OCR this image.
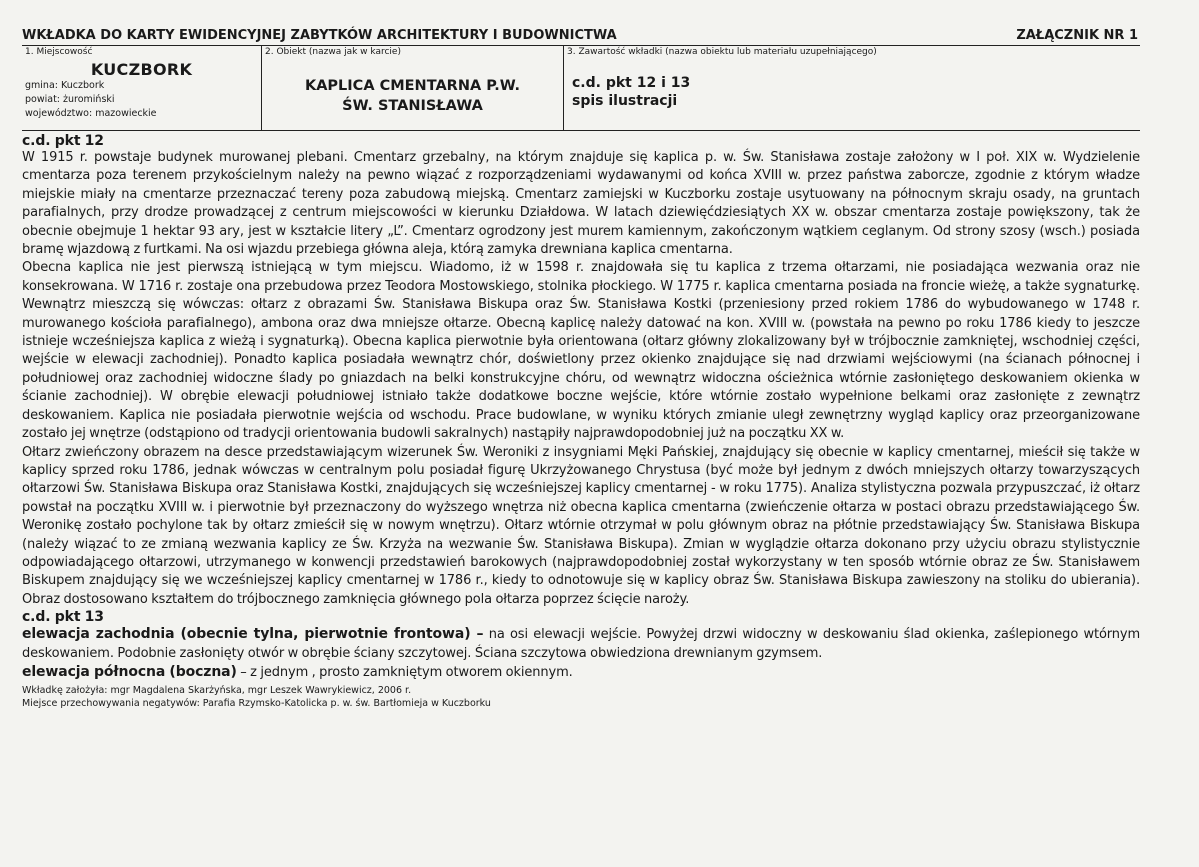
WKŁADKA DO KARTY EWIDENCYJNEJ ZABYTKÓW ARCHITEKTURY I BUDOWNICTWA	ZAŁĄCZNIK NR 1
1. Miejscowość
KUCZBORK
gmina: Kuczbork
powiat: żuromiński
województwo: mazowieckie
2. Obiekt (nazwa jak w karcie)
KAPLICA CMENTARNA P.W.
ŚW. STANISŁAWA
3. Zawartość wkładki (nazwa obiektu lub materiału uzupełniającego)
c.d. pkt 12 i 13
spis ilustracji
c.d. pkt 12

W 1915 r. powstaje budynek murowanej plebani. Cmentarz grzebalny, na którym znajduje się kaplica p. w. Św. Stanisława zostaje założony w I poł. XIX w. Wydzielenie cmentarza poza terenem przykościelnym należy na pewno wiązać z rozporządzeniami wydawanymi od końca XVIII w. przez państwa zaborcze, zgodnie z którym władze miejskie miały na cmentarze przeznaczać tereny poza zabudową miejską. Cmentarz zamiejski w Kuczborku zostaje usytuowany na północnym skraju osady, na gruntach parafialnych, przy drodze prowadzącej z centrum miejscowości w kierunku Działdowa. W latach dziewięćdziesiątych XX w. obszar cmentarza zostaje powiększony, tak że obecnie obejmuje 1 hektar 93 ary, jest w kształcie litery „L”. Cmentarz ogrodzony jest murem kamiennym, zakończonym wątkiem ceglanym. Od strony szosy (wsch.) posiada bramę wjazdową z furtkami. Na osi wjazdu przebiega główna aleja, którą zamyka drewniana kaplica cmentarna.

Obecna kaplica nie jest pierwszą istniejącą w tym miejscu. Wiadomo, iż w 1598 r. znajdowała się tu kaplica z trzema ołtarzami, nie posiadająca wezwania oraz nie konsekrowana. W 1716 r. zostaje ona przebudowa przez Teodora Mostowskiego, stolnika płockiego. W 1775 r. kaplica cmentarna posiada na froncie wieżę, a także sygnaturkę. Wewnątrz mieszczą się wówczas: ołtarz z obrazami Św. Stanisława Biskupa oraz Św. Stanisława Kostki (przeniesiony przed rokiem 1786 do wybudowanego w 1748 r. murowanego kościoła parafialnego), ambona oraz dwa mniejsze ołtarze. Obecną kaplicę należy datować na kon. XVIII w. (powstała na pewno po roku 1786 kiedy to jeszcze istnieje wcześniejsza kaplica z wieżą i sygnaturką). Obecna kaplica pierwotnie była orientowana (ołtarz główny zlokalizowany był w trójbocznie zamkniętej, wschodniej części, wejście w elewacji zachodniej). Ponadto kaplica posiadała wewnątrz chór, doświetlony przez okienko znajdujące się nad drzwiami wejściowymi (na ścianach północnej i południowej oraz zachodniej widoczne ślady po gniazdach na belki konstrukcyjne chóru, od wewnątrz widoczna ościeżnica wtórnie zasłoniętego deskowaniem okienka w ścianie zachodniej). W obrębie elewacji południowej istniało także dodatkowe boczne wejście, które wtórnie zostało wypełnione belkami oraz zasłonięte z zewnątrz deskowaniem. Kaplica nie posiadała pierwotnie wejścia od wschodu. Prace budowlane, w wyniku których zmianie uległ zewnętrzny wygląd kaplicy oraz przeorganizowane zostało jej wnętrze (odstąpiono od tradycji orientowania budowli sakralnych) nastąpiły najprawdopodobniej już na początku XX w.

Ołtarz zwieńczony obrazem na desce przedstawiającym wizerunek Św. Weroniki z insygniami Męki Pańskiej, znajdujący się obecnie w kaplicy cmentarnej, mieścił się także w kaplicy sprzed roku 1786, jednak wówczas w centralnym polu posiadał figurę Ukrzyżowanego Chrystusa (być może był jednym z dwóch mniejszych ołtarzy towarzyszących ołtarzowi Św. Stanisława Biskupa oraz Stanisława Kostki, znajdujących się wcześniejszej kaplicy cmentarnej - w roku 1775). Analiza stylistyczna pozwala przypuszczać, iż ołtarz powstał na początku XVIII w. i pierwotnie był przeznaczony do wyższego wnętrza niż obecna kaplica cmentarna (zwieńczenie ołtarza w postaci obrazu przedstawiającego Św. Weronikę zostało pochylone tak by ołtarz zmieścił się w nowym wnętrzu). Ołtarz wtórnie otrzymał w polu głównym obraz na płótnie przedstawiający Św. Stanisława Biskupa (należy wiązać to ze zmianą wezwania kaplicy ze Św. Krzyża na wezwanie Św. Stanisława Biskupa). Zmian w wyglądzie ołtarza dokonano przy użyciu obrazu stylistycznie odpowiadającego ołtarzowi, utrzymanego w konwencji przedstawień barokowych (najprawdopodobniej został wykorzystany w ten sposób wtórnie obraz ze Św. Stanisławem Biskupem znajdujący się we wcześniejszej kaplicy cmentarnej w 1786 r., kiedy to odnotowuje się w kaplicy obraz Św. Stanisława Biskupa zawieszony na stoliku do ubierania). Obraz dostosowano kształtem do trójbocznego zamknięcia głównego pola ołtarza poprzez ścięcie naroży.

c.d. pkt 13

elewacja zachodnia (obecnie tylna, pierwotnie frontowa) – na osi elewacji wejście. Powyżej drzwi widoczny w deskowaniu ślad okienka, zaślepionego wtórnym deskowaniem. Podobnie zasłonięty otwór w obrębie ściany szczytowej. Ściana szczytowa obwiedziona drewnianym gzymsem.

elewacja północna (boczna) – z jednym , prosto zamkniętym otworem okiennym.

Wkładkę założyła: mgr Magdalena Skarżyńska, mgr Leszek Wawrykiewicz, 2006 r.
Miejsce przechowywania negatywów: Parafia Rzymsko-Katolicka p. w. św. Bartłomieja w Kuczborku
